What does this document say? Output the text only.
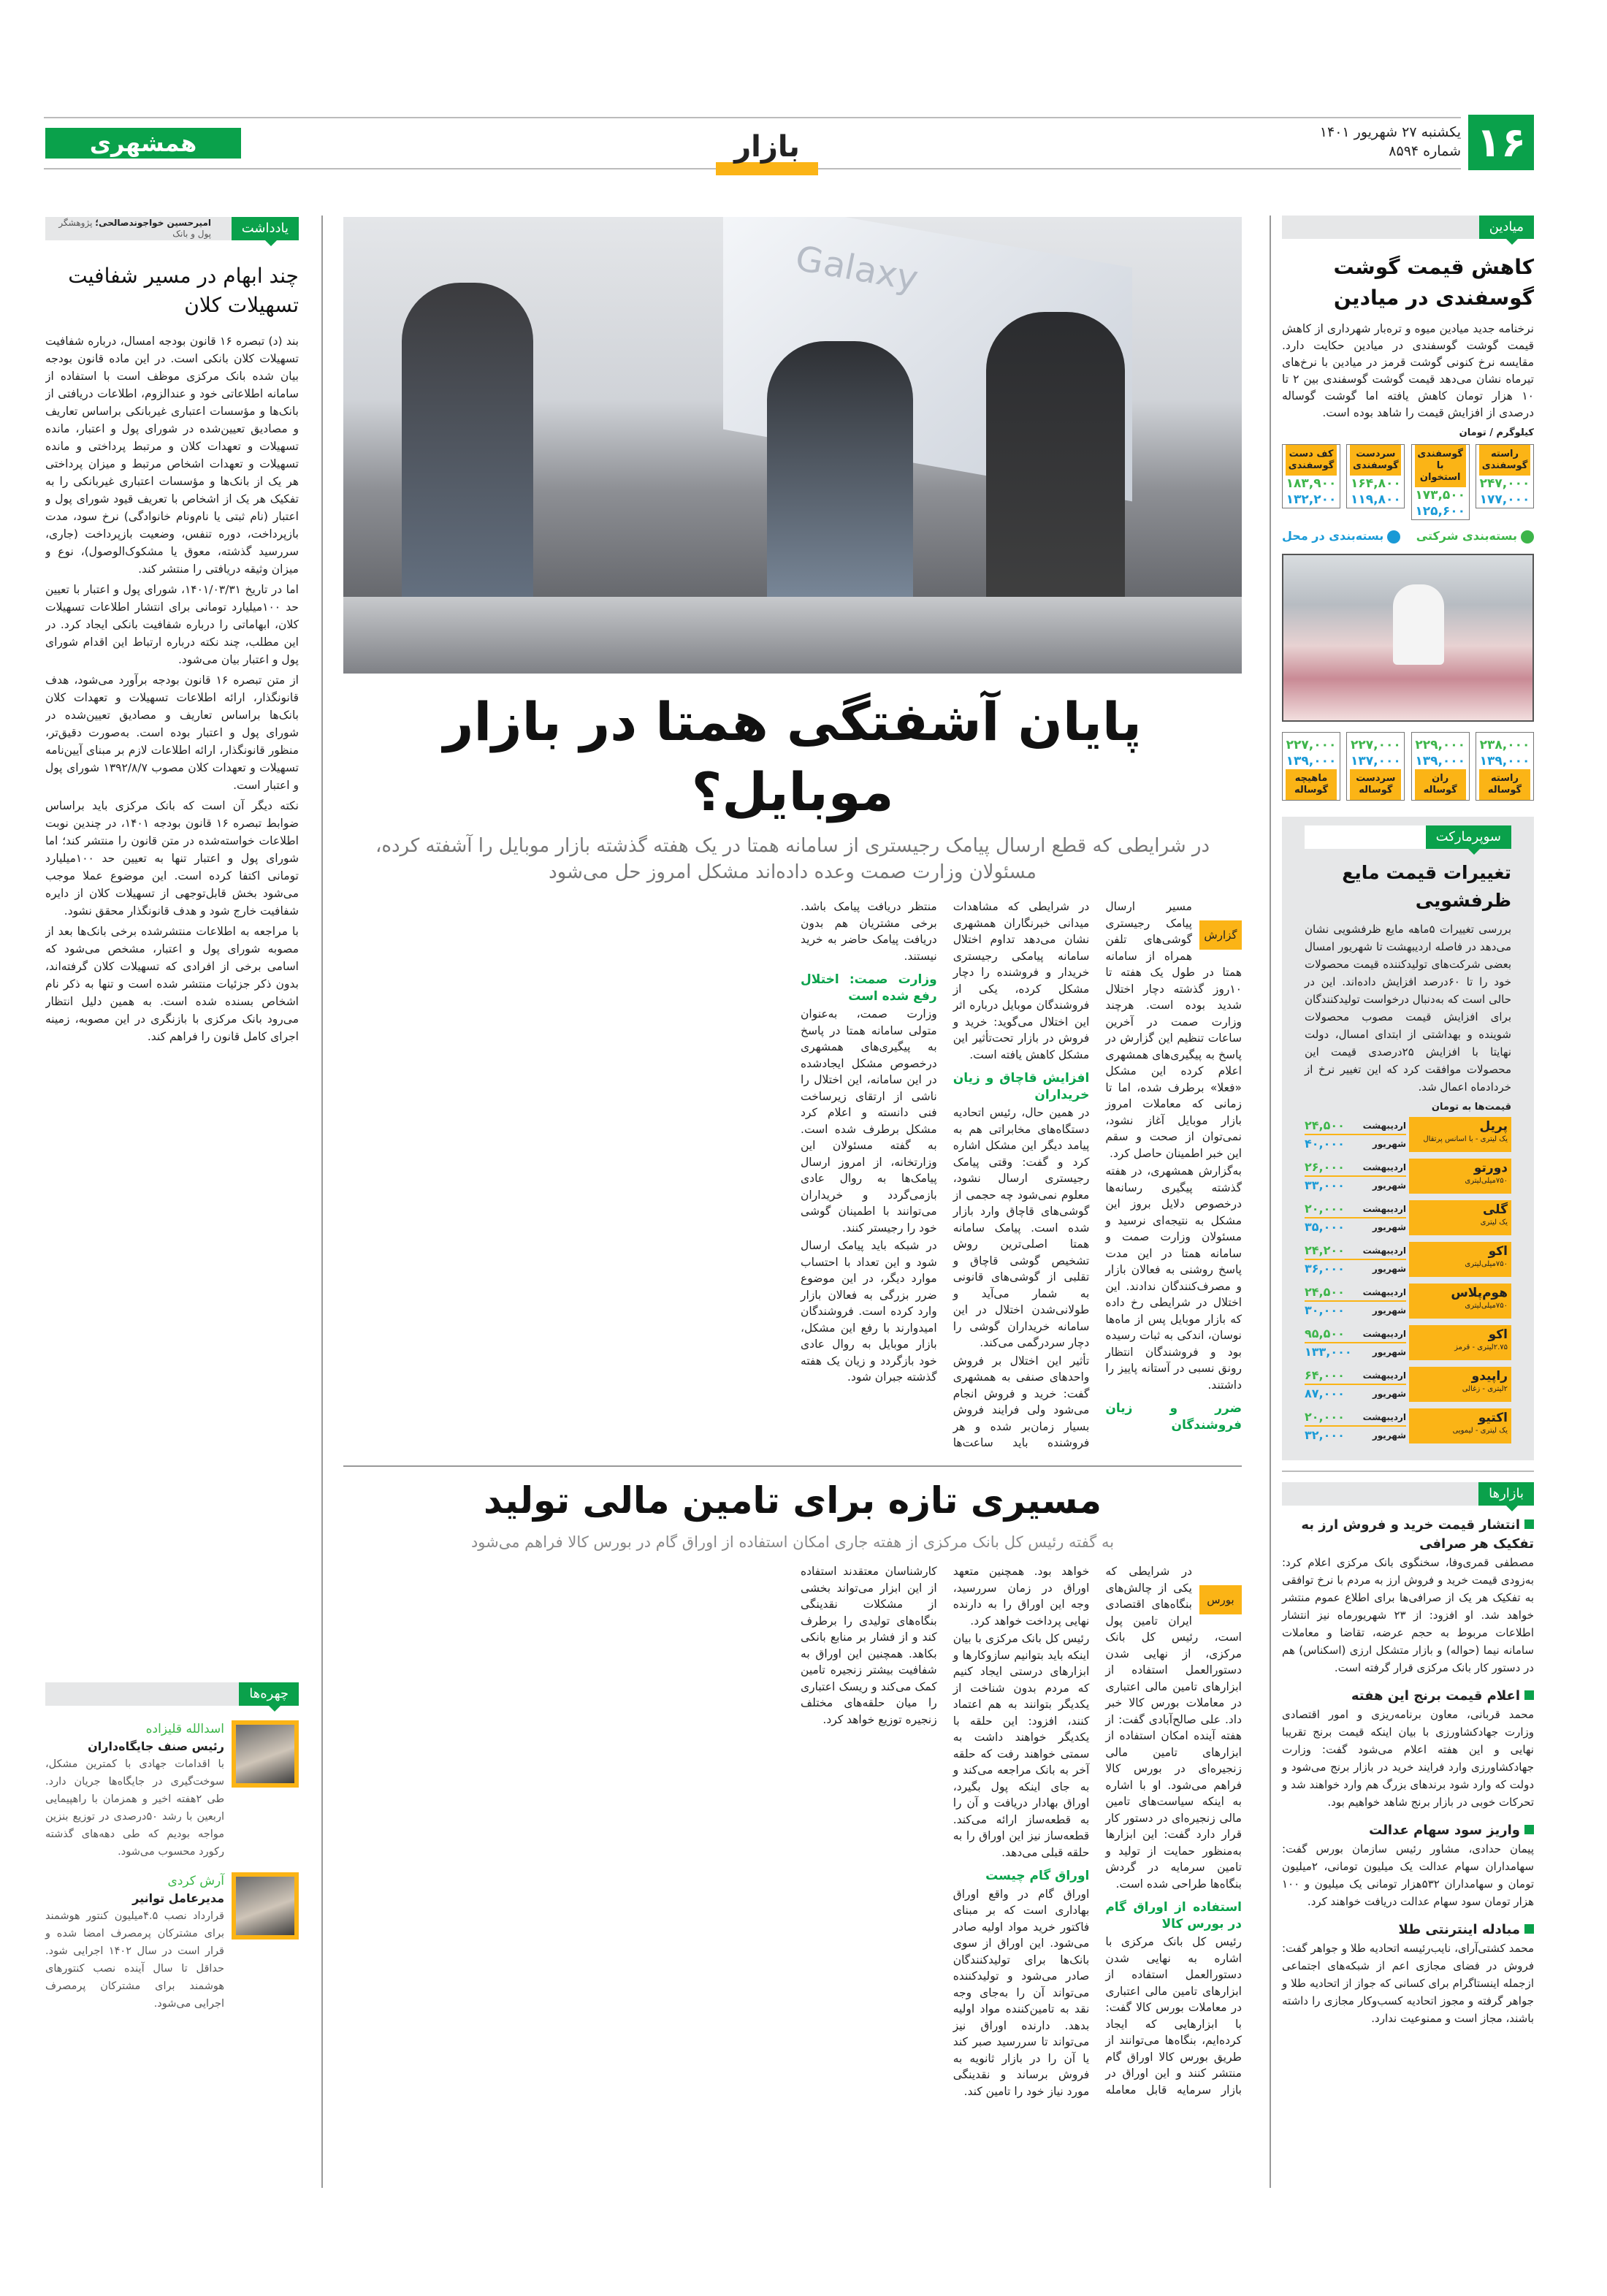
۱۶
یکشنبه ۲۷ شهریور ۱۴۰۱
شماره ۸۵۹۴
بازار
همشهری
میادین
کاهش قیمت گوشت گوسفندی در میادین
نرخنامه جدید میادین میوه و تره‌بار شهرداری از کاهش قیمت گوشت گوسفندی در میادین حکایت دارد. مقایسه نرخ کنونی گوشت قرمز در میادین با نرخ‌های تیرماه نشان می‌دهد قیمت گوشت گوسفندی بین ۲ تا ۱۰ هزار تومان کاهش یافته اما گوشت گوساله درصدی از افزایش قیمت را شاهد بوده است.
کیلوگرم / تومان
راسته گوسفندی
۲۴۷,۰۰۰
۱۷۷,۰۰۰
گوسفندی با استخوان
۱۷۳,۵۰۰
۱۲۵,۶۰۰
سردست گوسفندی
۱۶۴,۸۰۰
۱۱۹,۸۰۰
کف دست گوسفندی
۱۸۳,۹۰۰
۱۳۲,۲۰۰
بسته‌بندی شرکتی
بسته‌بندی در محل
۲۳۸,۰۰۰
۱۳۹,۰۰۰
راسته گوساله
۲۲۹,۰۰۰
۱۳۹,۰۰۰
ران گوساله
۲۲۷,۰۰۰
۱۳۷,۰۰۰
سردست گوساله
۲۲۷,۰۰۰
۱۳۹,۰۰۰
ماهیچه گوساله
سوپرمارکت
تغییرات قیمت مایع ظرفشویی
بررسی تغییرات ۵ماهه مایع ظرفشویی نشان می‌دهد در فاصله اردیبهشت تا شهریور امسال بعضی شرکت‌های تولیدکننده قیمت محصولات خود را تا ۶۰درصد افزایش داده‌اند. این در حالی است که به‌دنبال درخواست تولیدکنندگان برای افزایش قیمت مصوب محصولات شوینده و بهداشتی از ابتدای امسال، دولت نهایتا با افزایش ۲۵درصدی قیمت این محصولات موافقت کرد که این تغییر نرخ از خردادماه اعمال شد.
قیمت‌ها به تومان
پریل
یک لیتری - با اسانس پرتقال
اردیبهشت
۲۴,۵۰۰
شهریور
۴۰,۰۰۰
دورتو
۷۵۰میلی‌لیتری
اردیبهشت
۲۶,۰۰۰
شهریور
۳۳,۰۰۰
گلی
یک لیتری
اردیبهشت
۲۰,۰۰۰
شهریور
۳۵,۰۰۰
اکو
۷۵۰میلی‌لیتری
اردیبهشت
۲۴,۲۰۰
شهریور
۳۶,۰۰۰
هوم‌پلاس
۷۵۰میلی‌لیتری
اردیبهشت
۲۴,۵۰۰
شهریور
۳۰,۰۰۰
اکو
۲.۷۵لیتری - قرمز
اردیبهشت
۹۵,۵۰۰
شهریور
۱۳۳,۰۰۰
راپیدو
۲لیتری - زغالی
اردیبهشت
۶۴,۰۰۰
شهریور
۸۷,۰۰۰
اکتیو
یک لیتری - لیمویی
اردیبهشت
۲۰,۰۰۰
شهریور
۳۲,۰۰۰
بازارها
انتشار قیمت خرید و فروش ارز به تفکیک هر صرافی

مصطفی قمری‌وفا، سخنگوی بانک مرکزی اعلام کرد: به‌زودی قیمت خرید و فروش ارز به مردم با نرخ توافقی به تفکیک هر یک از صرافی‌ها برای اطلاع عموم منتشر خواهد شد. او افزود: از ۲۳ شهریورماه نیز انتشار اطلاعات مربوط به حجم عرضه، تقاضا و معاملات سامانه نیما (حواله) و بازار متشکل ارزی (اسکناس) هم در دستور کار بانک مرکزی قرار گرفته است.

اعلام قیمت برنج این هفته

محمد قربانی، معاون برنامه‌ریزی و امور اقتصادی وزارت جهادکشاورزی با بیان اینکه قیمت برنج تقریبا نهایی و این هفته اعلام می‌شود گفت: وزارت جهادکشاورزی وارد فرایند خرید در بازار برنج می‌شود و دولت که وارد شود برندهای بزرگ هم وارد خواهند شد و تحرکات خوبی در بازار برنج شاهد خواهیم بود.

واریز سود سهام عدالت

پیمان حدادی، مشاور رئیس سازمان بورس گفت: سهامداران سهام عدالت یک میلیون تومانی، ۲میلیون تومان و سهامداران ۵۳۲هزار تومانی یک میلیون و ۱۰۰ هزار تومان سود سهام عدالت دریافت خواهند کرد.

مبادله اینترنتی طلا

محمد کشتی‌آرای، نایب‌رئیسه اتحادیه طلا و جواهر گفت: فروش در فضای مجازی اعم از شبکه‌های اجتماعی ازجمله اینستاگرام برای کسانی که جواز از اتحادیه طلا و جواهر گرفته و مجوز اتحادیه کسب‌وکار مجازی را داشته باشند، مجاز است و ممنوعیت ندارد.

یادداشت
امیرحسین خواجوندصالحی؛ پژوهشگر پول و بانک
چند ابهام در مسیر شفافیت تسهیلات کلان

بند (د) تبصره ۱۶ قانون بودجه امسال، درباره شفافیت تسهیلات کلان بانکی است. در این ماده قانون بودجه بیان شده بانک مرکزی موظف است با استفاده از سامانه اطلاعاتی خود و عندالزوم، اطلاعات دریافتی از بانک‌ها و مؤسسات اعتباری غیربانکی براساس تعاریف و مصادیق تعیین‌شده در شورای پول و اعتبار، مانده تسهیلات و تعهدات کلان و مرتبط پرداختی و مانده تسهیلات و تعهدات اشخاص مرتبط و میزان پرداختی هر یک از بانک‌ها و مؤسسات اعتباری غیربانکی را به تفکیک هر یک از اشخاص با تعریف قیود شورای پول و اعتبار (نام ثبتی یا نام‌ونام خانوادگی) نرخ سود، مدت بازپرداخت، دوره تنفس، وضعیت بازپرداخت (جاری، سررسید گذشته، معوق یا مشکوک‌الوصول)، نوع و میزان وثیقه دریافتی را منتشر کند.

اما در تاریخ ۱۴۰۱/۰۳/۳۱، شورای پول و اعتبار با تعیین حد ۱۰۰میلیارد تومانی برای انتشار اطلاعات تسهیلات کلان، ابهاماتی را درباره شفافیت بانکی ایجاد کرد. در این مطلب، چند نکته درباره ارتباط این اقدام شورای پول و اعتبار بیان می‌شود.

از متن تبصره ۱۶ قانون بودجه برآورد می‌شود، هدف قانونگذار، ارائه اطلاعات تسهیلات و تعهدات کلان بانک‌ها براساس تعاریف و مصادیق تعیین‌شده در شورای پول و اعتبار بوده است. به‌صورت دقیق‌تر، منظور قانونگذار، ارائه اطلاعات لازم بر مبنای آیین‌نامه تسهیلات و تعهدات کلان مصوب ۱۳۹۲/۸/۷ شورای پول و اعتبار است.

نکته دیگر آن است که بانک مرکزی باید براساس ضوابط تبصره ۱۶ قانون بودجه ۱۴۰۱، در چندین نوبت اطلاعات خواسته‌شده در متن قانون را منتشر کند؛ اما شورای پول و اعتبار تنها به تعیین حد ۱۰۰میلیارد تومانی اکتفا کرده است. این موضوع عملا موجب می‌شود بخش قابل‌توجهی از تسهیلات کلان از دایره شفافیت خارج شود و هدف قانونگذار محقق نشود.

با مراجعه به اطلاعات منتشرشده برخی بانک‌ها بعد از مصوبه شورای پول و اعتبار، مشخص می‌شود که اسامی برخی از افرادی که تسهیلات کلان گرفته‌اند، بدون ذکر جزئیات منتشر شده است و تنها به ذکر نام اشخاص بسنده شده است. به همین دلیل انتظار می‌رود بانک مرکزی با بازنگری در این مصوبه، زمینه اجرای کامل قانون را فراهم کند.

چهره‌ها
اسدالله قلیزاده
رئیس صنف جایگاه‌داران
با اقدامات جهادی با کمترین مشکل، سوخت‌گیری در جایگاه‌ها جریان دارد. طی ۲هفته اخیر و همزمان با راهپیمایی اربعین با رشد ۵۰درصدی در توزیع بنزین مواجه بودیم که طی دهه‌های گذشته رکورد محسوب می‌شود.
آرش کردی
مدیرعامل توانیر
قرارداد نصب ۴.۵میلیون کنتور هوشمند برای مشترکان پرمصرف امضا شده و قرار است در سال ۱۴۰۲ اجرایی شود. حداقل تا سال آینده نصب کنتورهای هوشمند برای مشترکان پرمصرف اجرایی می‌شود.
Galaxy
پایان آشفتگی همتا در بازار موبایل؟
در شرایطی که قطع ارسال پیامک رجیستری از سامانه همتا در یک هفته گذشته بازار موبایل را آشفته کرده، مسئولان وزارت صمت وعده داده‌اند مشکل امروز حل می‌شود
گزارش

مسیر ارسال پیامک رجیستری گوشی‌های تلفن همراه از سامانه همتا در طول یک هفته تا ۱۰روز گذشته دچار اختلال شدید بوده است. هرچند وزارت صمت در آخرین ساعات تنظیم این گزارش در پاسخ به پیگیری‌های همشهری اعلام کرده این مشکل «فعلا» برطرف شده، اما تا زمانی که معاملات امروز بازار موبایل آغاز نشود، نمی‌توان از صحت و سقم این خبر اطمینان حاصل کرد.

به‌گزارش همشهری، در هفته گذشته پیگیری رسانه‌ها درخصوص دلایل بروز این مشکل به نتیجه‌ای نرسید و مسئولان وزارت صمت و سامانه همتا در این مدت پاسخ روشنی به فعالان بازار و مصرف‌کنندگان ندادند. این اختلال در شرایطی رخ داده که بازار موبایل پس از ماه‌ها نوسان، اندکی به ثبات رسیده بود و فروشندگان انتظار رونق نسبی در آستانه پاییز را داشتند.

ضرر و زیان فروشندگان

در شرایطی که مشاهدات میدانی خبرنگاران همشهری نشان می‌دهد تداوم اختلال سامانه پیامکی رجیستری خریدار و فروشنده را دچار مشکل کرده، یکی از فروشندگان موبایل درباره اثر این اختلال می‌گوید: خرید و فروش در بازار تحت‌تأثیر این مشکل کاهش یافته است.

افزایش قاچاق و زیان خریداران

در همین حال، رئیس اتحادیه دستگاه‌های مخابراتی هم به پیامد دیگر این مشکل اشاره کرد و گفت: وقتی پیامک رجیستری ارسال نشود، معلوم نمی‌شود چه حجمی از گوشی‌های قاچاق وارد بازار شده است. پیامک سامانه همتا اصلی‌ترین روش تشخیص گوشی قاچاق و تقلبی از گوشی‌های قانونی به شمار می‌آید و طولانی‌شدن اختلال در این سامانه خریداران گوشی را دچار سردرگمی می‌کند.

تأثیر این اختلال بر فروش واحدهای صنفی به همشهری گفت: خرید و فروش انجام می‌شود ولی فرایند فروش بسیار زمان‌بر شده و هر فروشنده باید ساعت‌ها منتظر دریافت پیامک باشد. برخی مشتریان هم بدون دریافت پیامک حاضر به خرید نیستند.

وزارت صمت: اختلال رفع شده است

وزارت صمت، به‌عنوان متولی سامانه همتا در پاسخ به پیگیری‌های همشهری درخصوص مشکل ایجادشده در این سامانه، این اختلال را ناشی از ارتقای زیرساخت فنی دانسته و اعلام کرد مشکل برطرف شده است. به گفته مسئولان این وزارتخانه، از امروز ارسال پیامک‌ها به روال عادی بازمی‌گردد و خریداران می‌توانند با اطمینان گوشی خود را رجیستر کنند.

در شبکه باید پیامک ارسال شود و این تعداد با احتساب موارد دیگر، در این موضوع ضرر بزرگی به فعالان بازار وارد کرده است. فروشندگان امیدوارند با رفع این مشکل، بازار موبایل به روال عادی خود بازگردد و زیان یک هفته گذشته جبران شود.

مسیری تازه برای تامین مالی تولید
به گفته رئیس کل بانک مرکزی از هفته جاری امکان استفاده از اوراق گام در بورس کالا فراهم می‌شود
بورس

در شرایطی که یکی از چالش‌های بنگاه‌های اقتصادی ایران تامین پول است، رئیس کل بانک مرکزی، از نهایی شدن دستورالعمل استفاده از ابزارهای تامین مالی اعتباری در معاملات بورس کالا خبر داد. علی صالح‌آبادی گفت: از هفته آینده امکان استفاده از ابزارهای تامین مالی زنجیره‌ای در بورس کالا فراهم می‌شود. او با اشاره به اینکه سیاست‌های تامین مالی زنجیره‌ای در دستور کار قرار دارد گفت: این ابزارها به‌منظور حمایت از تولید و تامین سرمایه در گردش بنگاه‌ها طراحی شده است.

استفاده از اوراق گام در بورس کالا

رئیس کل بانک مرکزی با اشاره به نهایی شدن دستورالعمل استفاده از ابزارهای تامین مالی اعتباری در معاملات بورس کالا گفت: با ابزارهایی که ایجاد کرده‌ایم، بنگاه‌ها می‌توانند از طریق بورس کالا اوراق گام منتشر کنند و این اوراق در بازار سرمایه قابل معامله خواهد بود. همچنین متعهد اوراق در زمان سررسید، وجه این اوراق را به دارنده نهایی پرداخت خواهد کرد.

رئیس کل بانک مرکزی با بیان اینکه باید بتوانیم سازوکارها و ابزارهای درستی ایجاد کنیم که مردم بدون شناخت از یکدیگر بتوانند به هم اعتماد کنند، افزود: این حلقه با یکدیگر خواهند داشت به سمتی خواهند رفت که حلقه آخر به بانک مراجعه می‌کند و به جای اینکه پول بگیرد، اوراق بهادار دریافت و آن را به قطعه‌ساز ارائه می‌کند. قطعه‌ساز نیز این اوراق را به حلقه قبلی می‌دهد.

اوراق گام چیست

اوراق گام در واقع اوراق بهاداری است که بر مبنای فاکتور خرید مواد اولیه صادر می‌شود. این اوراق از سوی بانک‌ها برای تولیدکنندگان صادر می‌شود و تولیدکننده می‌تواند آن را به‌جای وجه نقد به تامین‌کننده مواد اولیه بدهد. دارنده اوراق نیز می‌تواند تا سررسید صبر کند یا آن را در بازار ثانویه به فروش برساند و نقدینگی مورد نیاز خود را تامین کند.

کارشناسان معتقدند استفاده از این ابزار می‌تواند بخشی از مشکلات نقدینگی بنگاه‌های تولیدی را برطرف کند و از فشار بر منابع بانکی بکاهد. همچنین این اوراق به شفافیت بیشتر زنجیره تامین کمک می‌کند و ریسک اعتباری را میان حلقه‌های مختلف زنجیره توزیع خواهد کرد.
